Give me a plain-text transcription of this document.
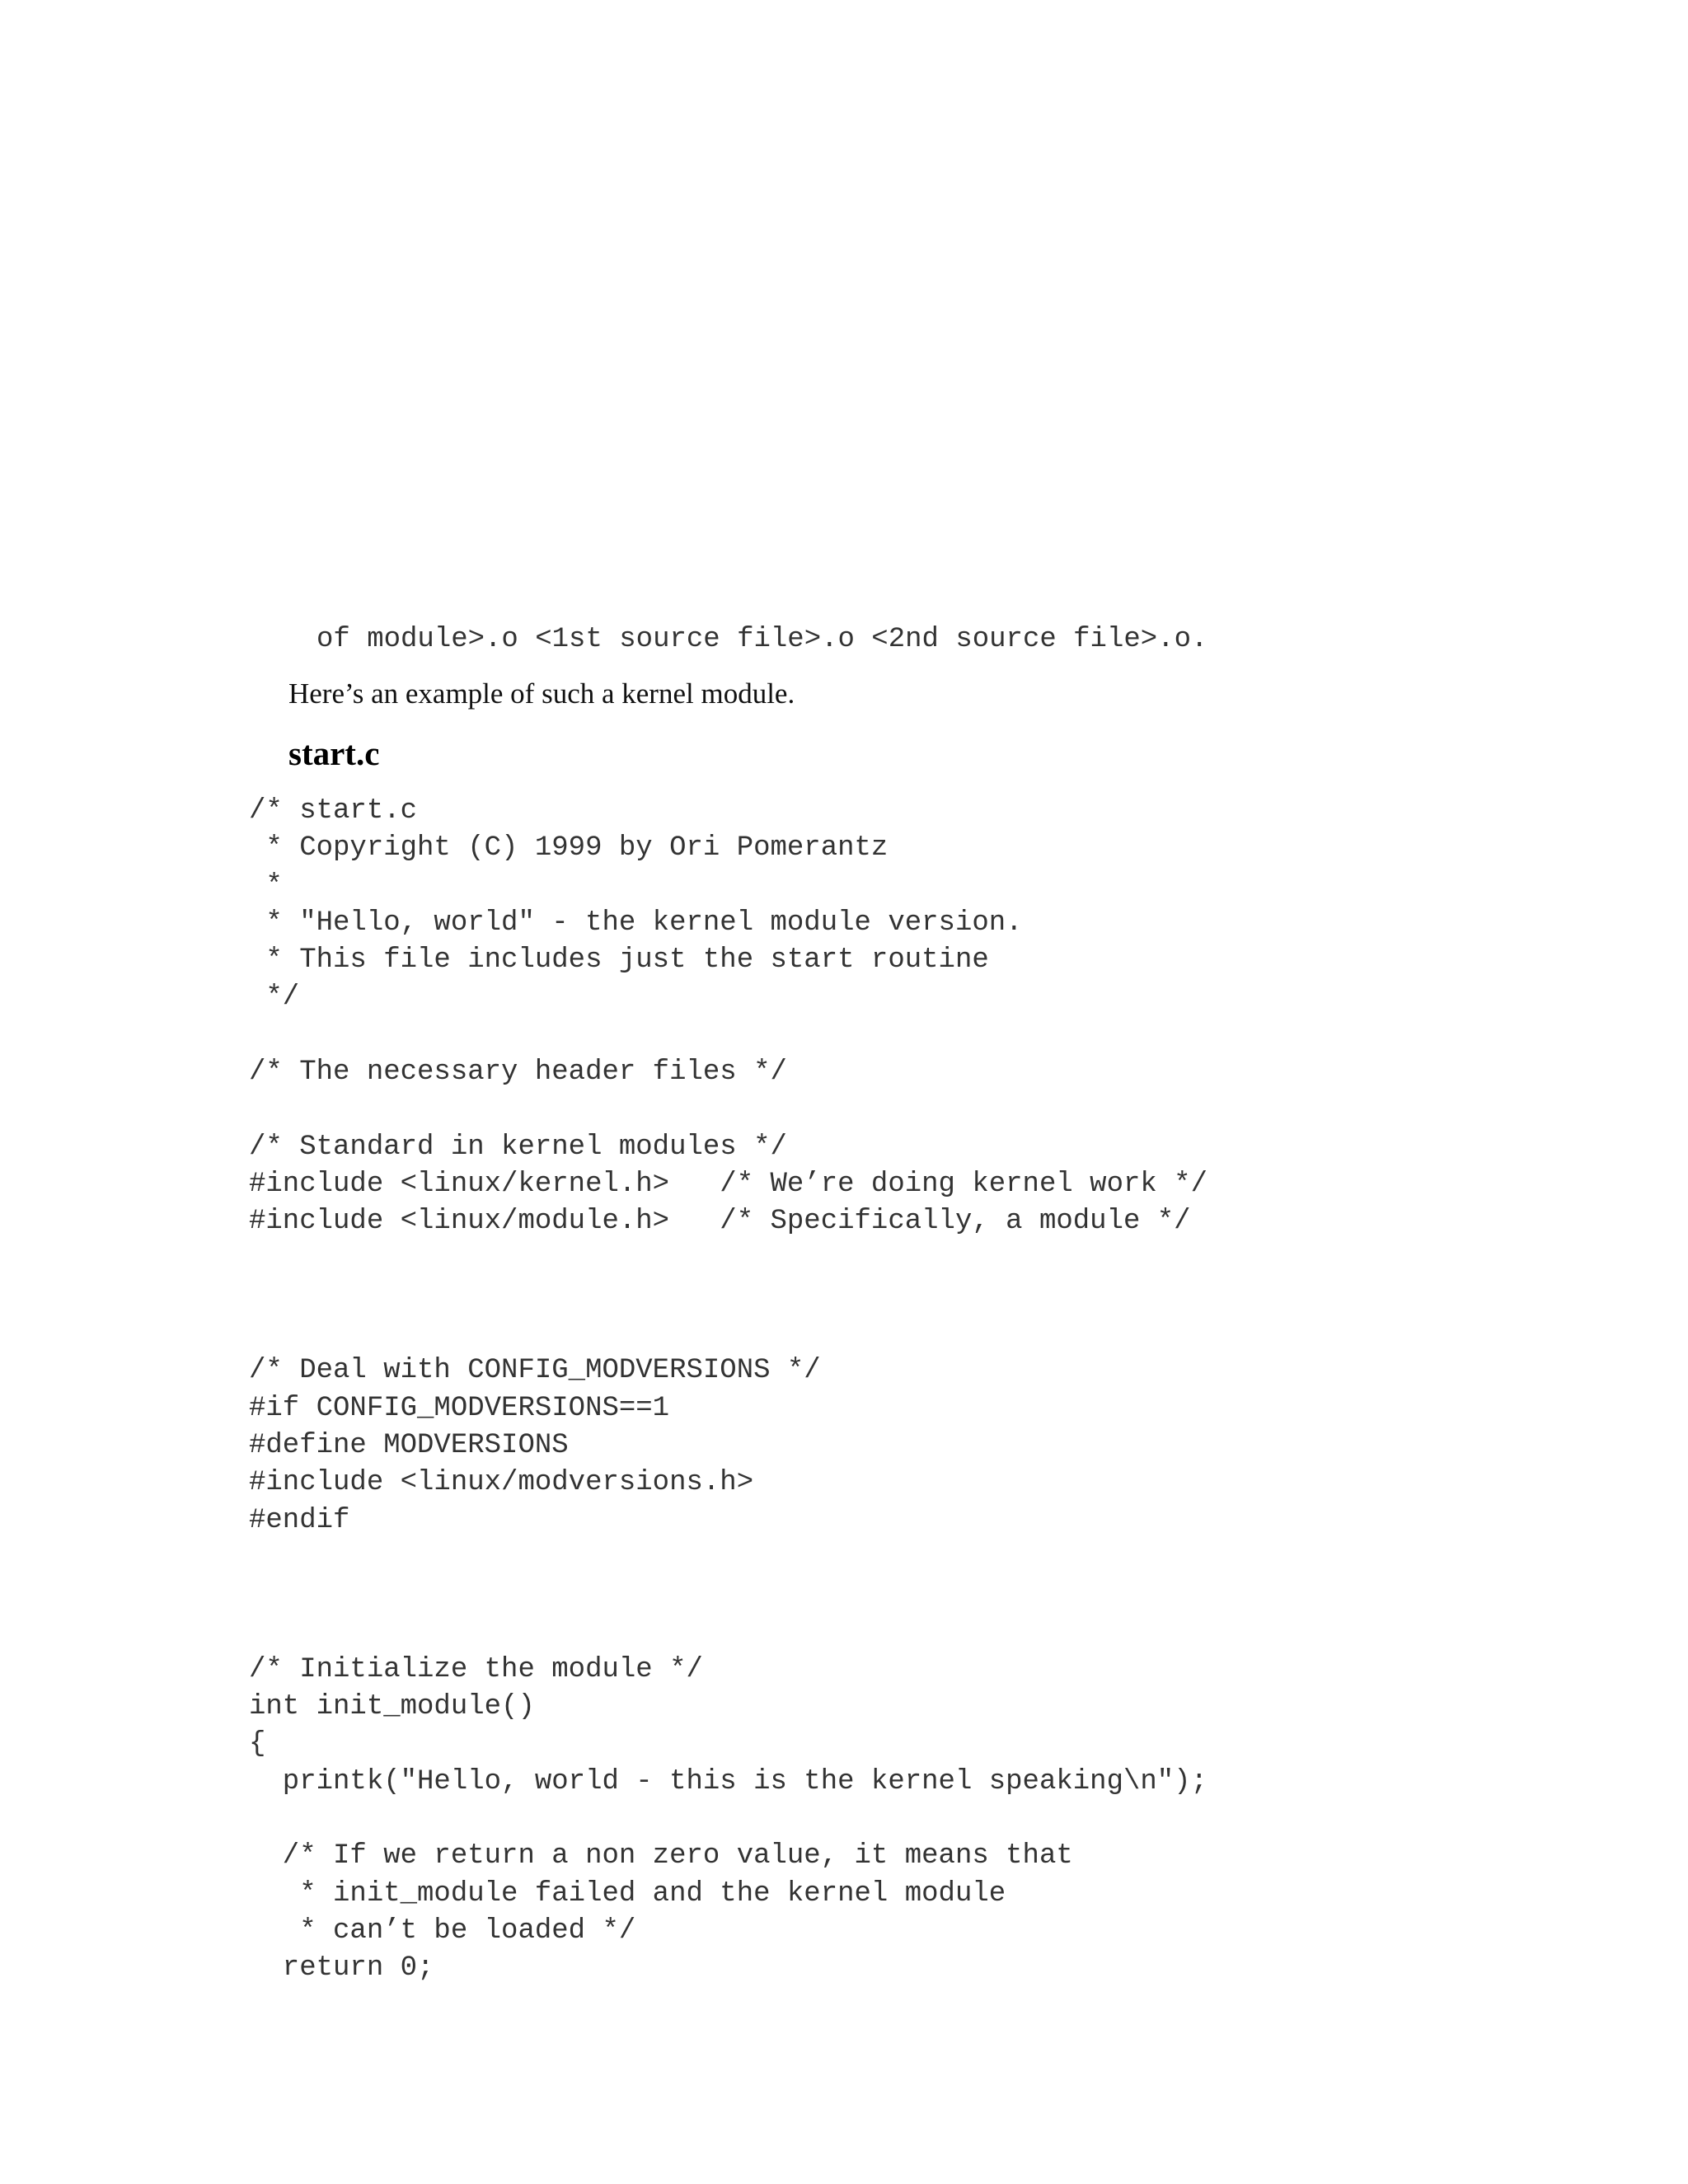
of module>.o <1st source file>.o <2nd source file>.o.
Here’s an example of such a kernel module.
start.c
/* start.c
* Copyright (C) 1999 by Ori Pomerantz
*
* "Hello, world" - the kernel module version.
* This file includes just the start routine
*/
/* The necessary header files */
/* Standard in kernel modules */
#include <linux/kernel.h>   /* We’re doing kernel work */
#include <linux/module.h>   /* Specifically, a module */
/* Deal with CONFIG_MODVERSIONS */
#if CONFIG_MODVERSIONS==1
#define MODVERSIONS
#include <linux/modversions.h>
#endif
/* Initialize the module */
int init_module()
{
printk("Hello, world - this is the kernel speaking\n");
/* If we return a non zero value, it means that
* init_module failed and the kernel module
* can’t be loaded */
return 0;
